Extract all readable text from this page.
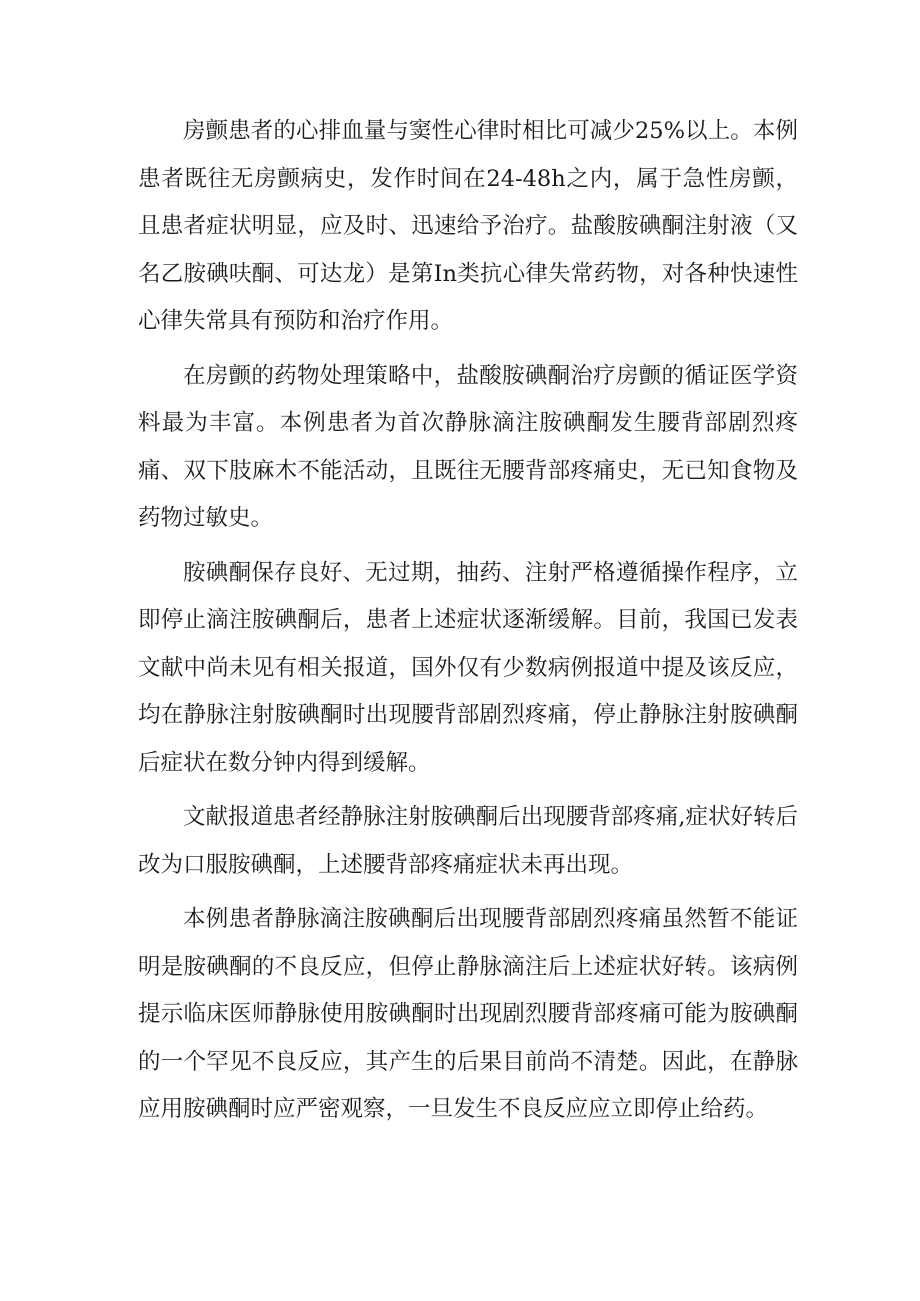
房颤患者的心排血量与窦性心律时相比可减少25%以上。本例患者既往无房颤病史，发作时间在24-48h之内，属于急性房颤，且患者症状明显，应及时、迅速给予治疗。盐酸胺碘酮注射液（又名乙胺碘呋酮、可达龙）是第In类抗心律失常药物，对各种快速性心律失常具有预防和治疗作用。

在房颤的药物处理策略中，盐酸胺碘酮治疗房颤的循证医学资料最为丰富。本例患者为首次静脉滴注胺碘酮发生腰背部剧烈疼痛、双下肢麻木不能活动，且既往无腰背部疼痛史，无已知食物及药物过敏史。

胺碘酮保存良好、无过期，抽药、注射严格遵循操作程序，立即停止滴注胺碘酮后，患者上述症状逐渐缓解。目前，我国已发表文献中尚未见有相关报道，国外仅有少数病例报道中提及该反应，均在静脉注射胺碘酮时出现腰背部剧烈疼痛，停止静脉注射胺碘酮后症状在数分钟内得到缓解。

文献报道患者经静脉注射胺碘酮后出现腰背部疼痛,症状好转后改为口服胺碘酮，上述腰背部疼痛症状未再出现。

本例患者静脉滴注胺碘酮后出现腰背部剧烈疼痛虽然暂不能证明是胺碘酮的不良反应，但停止静脉滴注后上述症状好转。该病例提示临床医师静脉使用胺碘酮时出现剧烈腰背部疼痛可能为胺碘酮的一个罕见不良反应，其产生的后果目前尚不清楚。因此，在静脉应用胺碘酮时应严密观察，一旦发生不良反应应立即停止给药。
